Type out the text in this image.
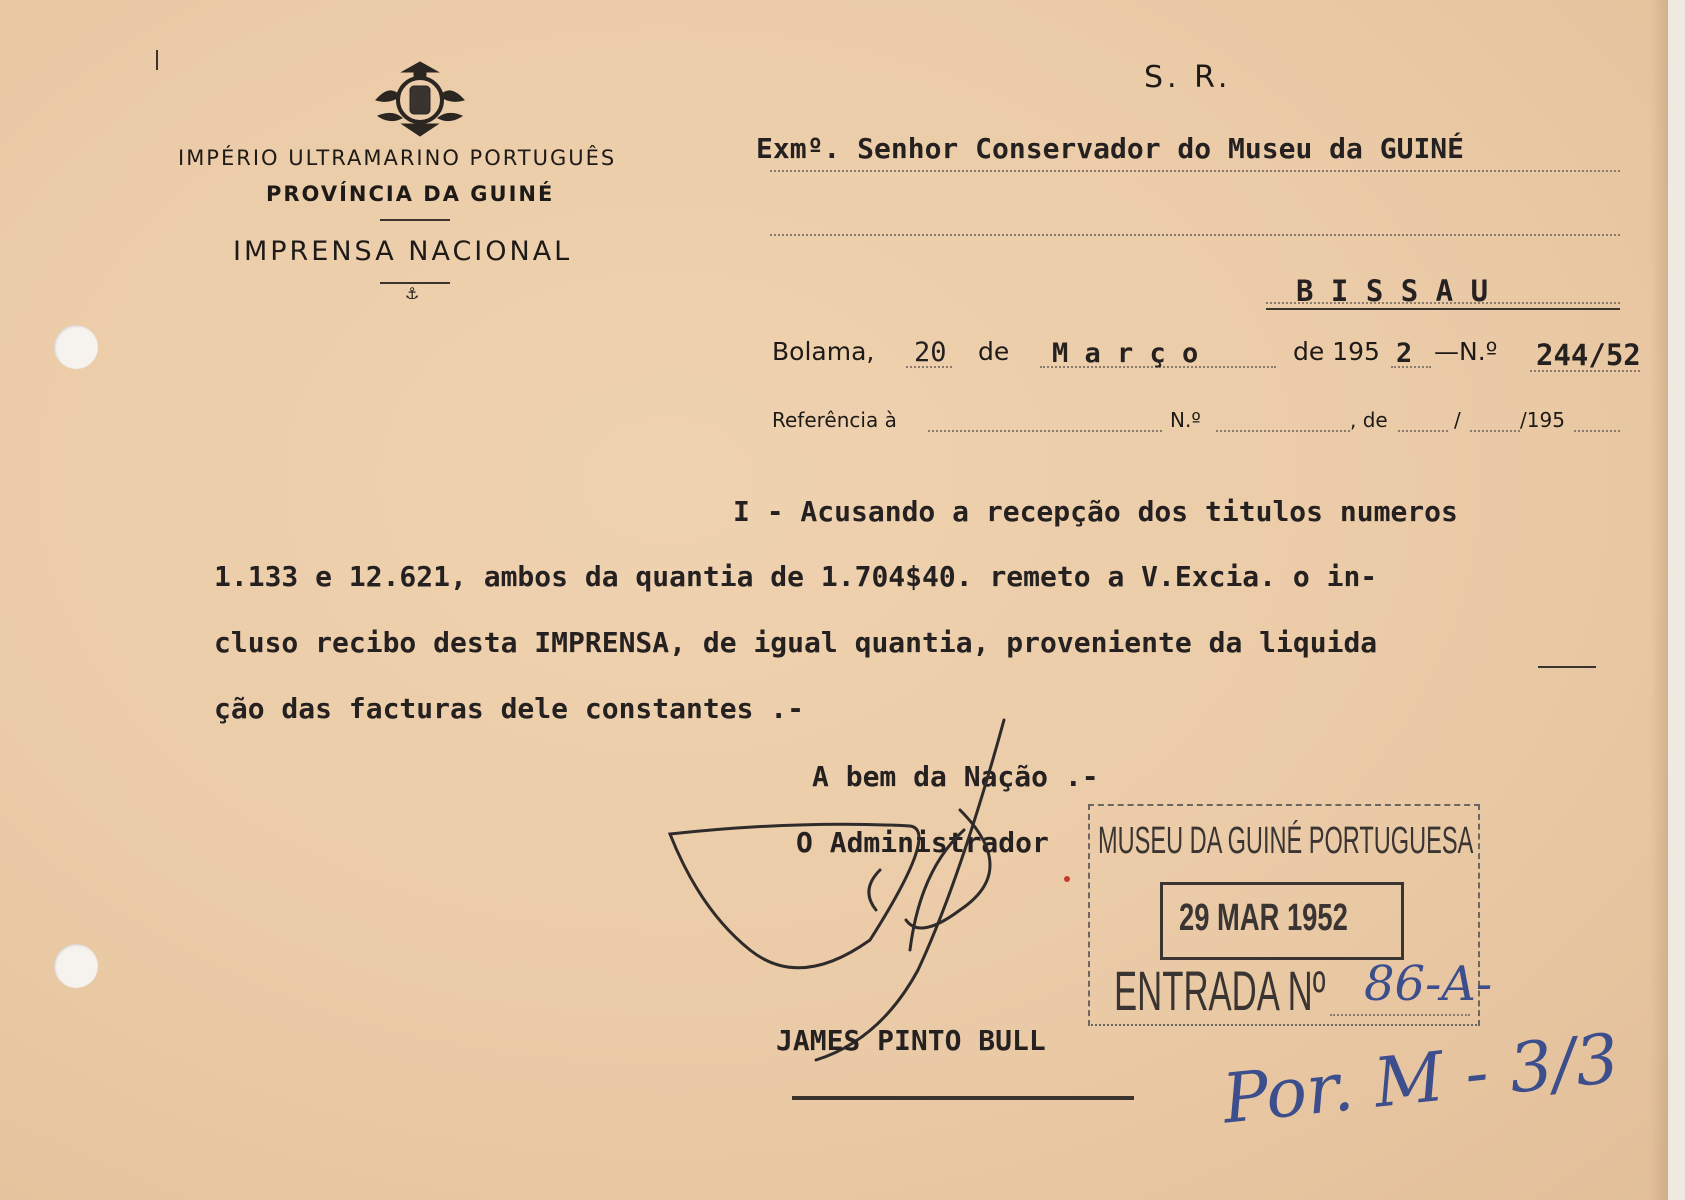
IMPÉRIO ULTRAMARINO PORTUGUÊS
PROVÍNCIA DA GUINÉ
IMPRENSA NACIONAL
⚓
S. R.
Exmº. Senhor Conservador do Museu da GUINÉ
B I S S A U
Bolama, 20 de M a r ç o	de 195 2 —N.º 244/52
Referência à	N.º	, de	/	/195
I - Acusando a recepção dos titulos numeros
1.133 e 12.621, ambos da quantia de 1.704$40. remeto a V.Excia. o in-
cluso recibo desta IMPRENSA, de igual quantia, proveniente da liquida
ção das facturas dele constantes .-
A bem da Nação .-
O Administrador MUSEU DA GUINÉ PORTUGUESA
29 MAR 1952
ENTRADA Nº 86-A-
JAMES PINTO BULL	Por. M - 3/3
